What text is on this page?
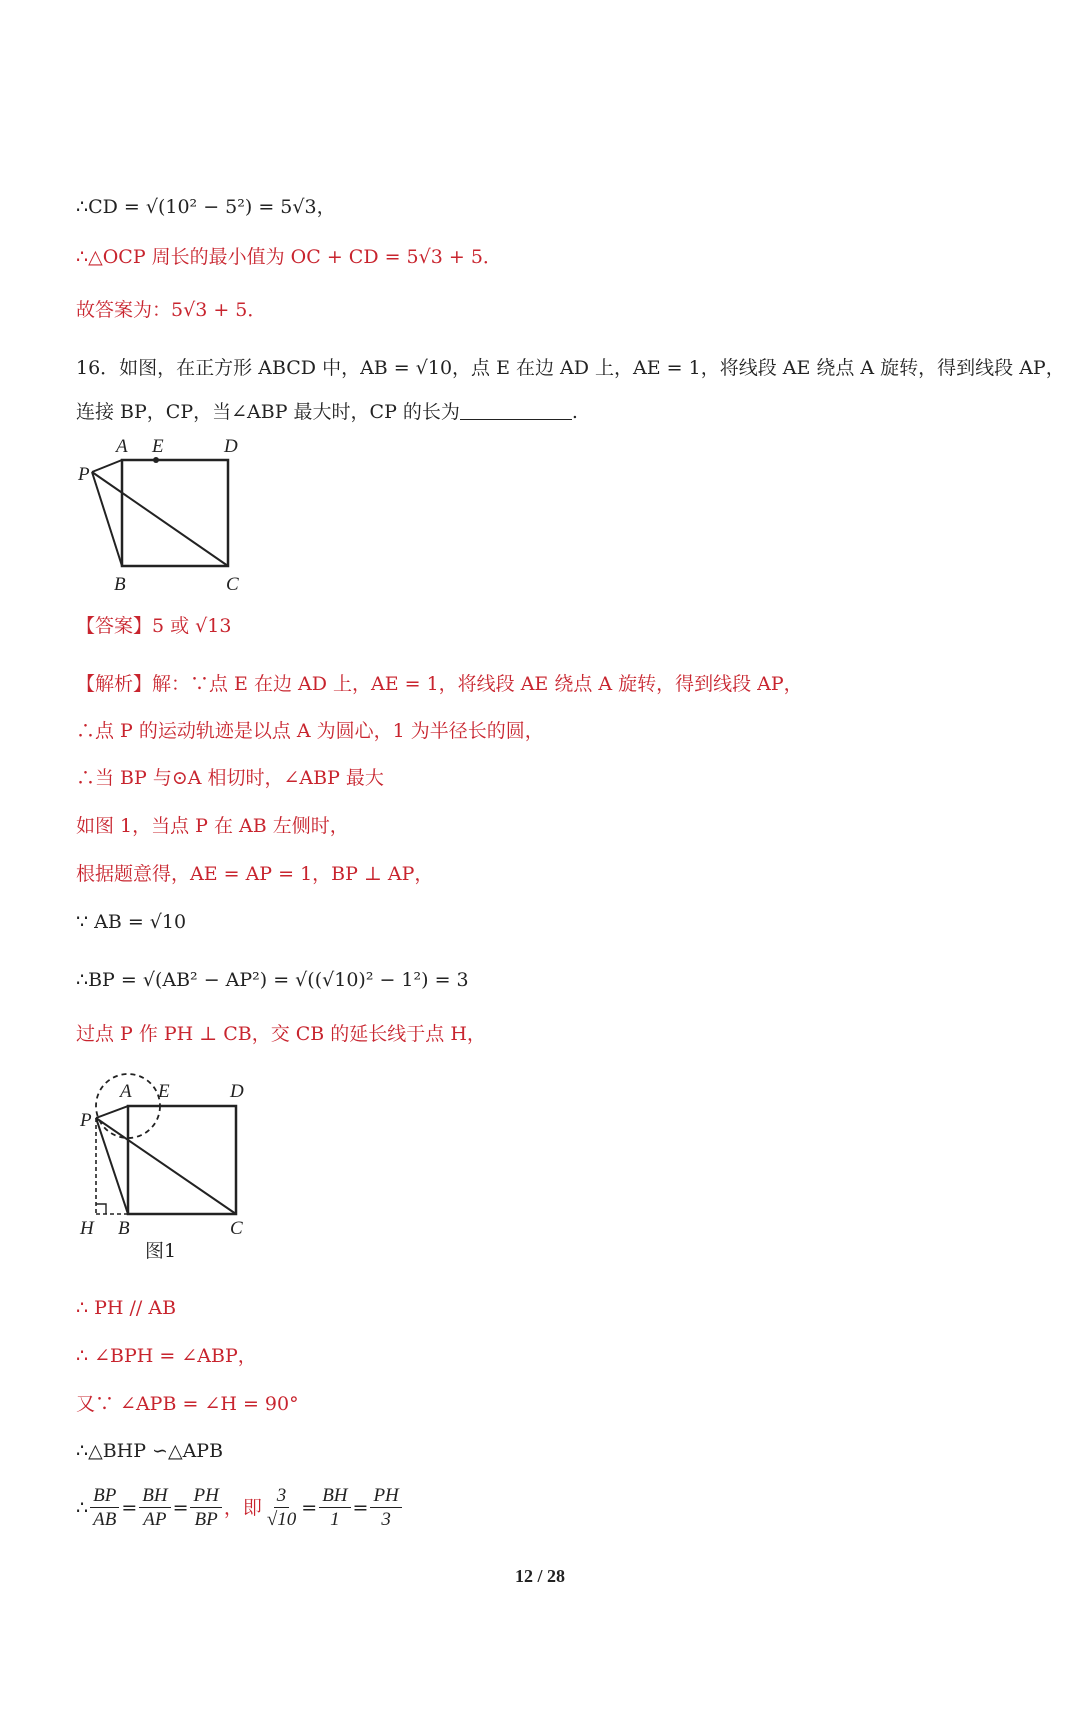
∴CD = √(10² − 5²) = 5√3，
∴△OCP 周长的最小值为 OC + CD = 5√3 + 5．
故答案为：5√3 + 5．
16．如图，在正方形 ABCD 中，AB = √10，点 E 在边 AD 上，AE = 1，将线段 AE 绕点 A 旋转，得到线段 AP，
连接 BP，CP，当∠ABP 最大时，CP 的长为	.
A E	D
P
B	C
【答案】5 或 √13
【解析】解：∵点 E 在边 AD 上，AE = 1，将线段 AE 绕点 A 旋转，得到线段 AP，
∴点 P 的运动轨迹是以点 A 为圆心，1 为半径长的圆，
∴当 BP 与⊙A 相切时，∠ABP 最大
如图 1，当点 P 在 AB 左侧时，
根据题意得，AE = AP = 1，BP ⊥ AP，
∵ AB = √10
∴BP = √(AB² − AP²) = √((√10)² − 1²) = 3
过点 P 作 PH ⊥ CB，交 CB 的延长线于点 H，
A E	D
P
H B	C
图1
∴ PH // AB
∴ ∠BPH = ∠ABP，
又∵ ∠APB = ∠H = 90°
∴△BHP ∽△APB
∴ $\frac{BP}{AB} = \frac{BH}{AP} = \frac{PH}{BP}$ ，即 $\frac{3}{√10} = \frac{BH}{1} = \frac{PH}{3}$
12 / 28
